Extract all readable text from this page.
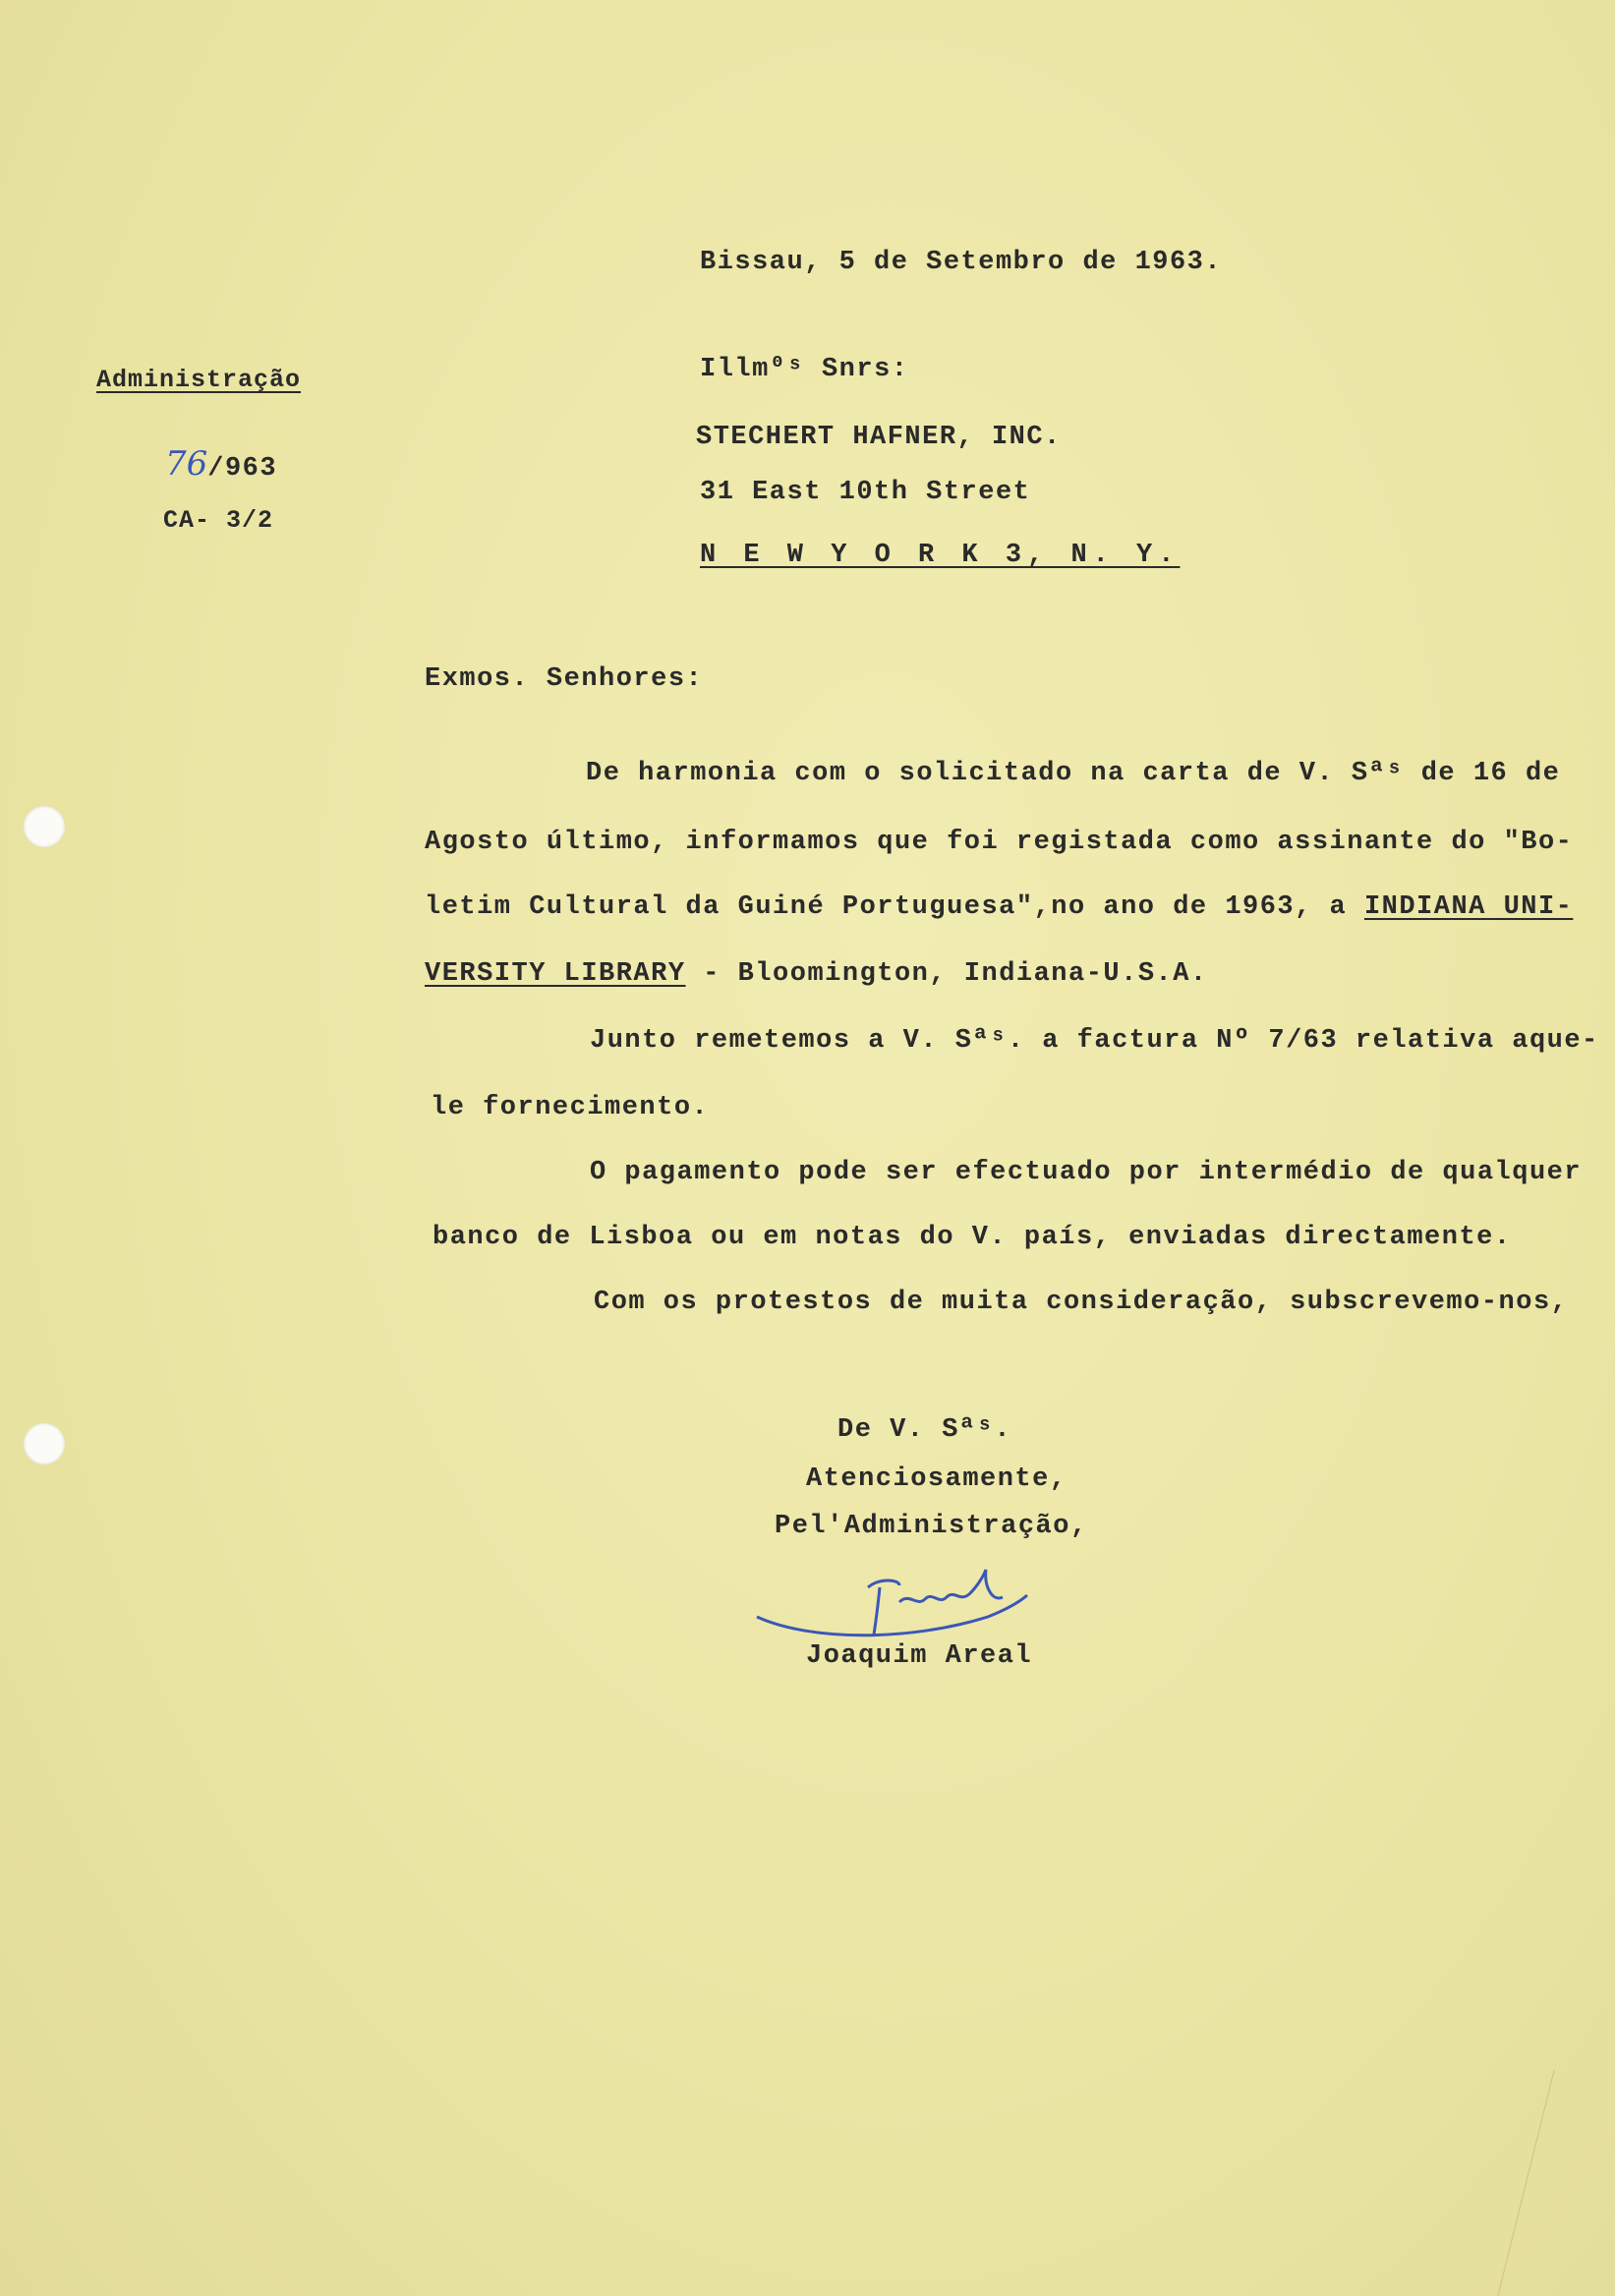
Bissau, 5 de Setembro de 1963.
Administração
76/963
CA- 3/2
Illm⁰ˢ Snrs:
STECHERT HAFNER, INC.
31 East 10th Street
N E W Y O R K 3, N. Y.
Exmos. Senhores:
De harmonia com o solicitado na carta de V. Sªˢ de 16 de
Agosto último, informamos que foi registada como assinante do "Bo-
letim Cultural da Guiné Portuguesa",no ano de 1963, a INDIANA UNI-
VERSITY LIBRARY - Bloomington, Indiana-U.S.A.
Junto remetemos a V. Sªˢ. a factura Nº 7/63 relativa aque-
le fornecimento.
O pagamento pode ser efectuado por intermédio de qualquer
banco de Lisboa ou em notas do V. país, enviadas directamente.
Com os protestos de muita consideração, subscrevemo-nos,
De V. Sªˢ.
Atenciosamente,
Pel'Administração,
Joaquim Areal
